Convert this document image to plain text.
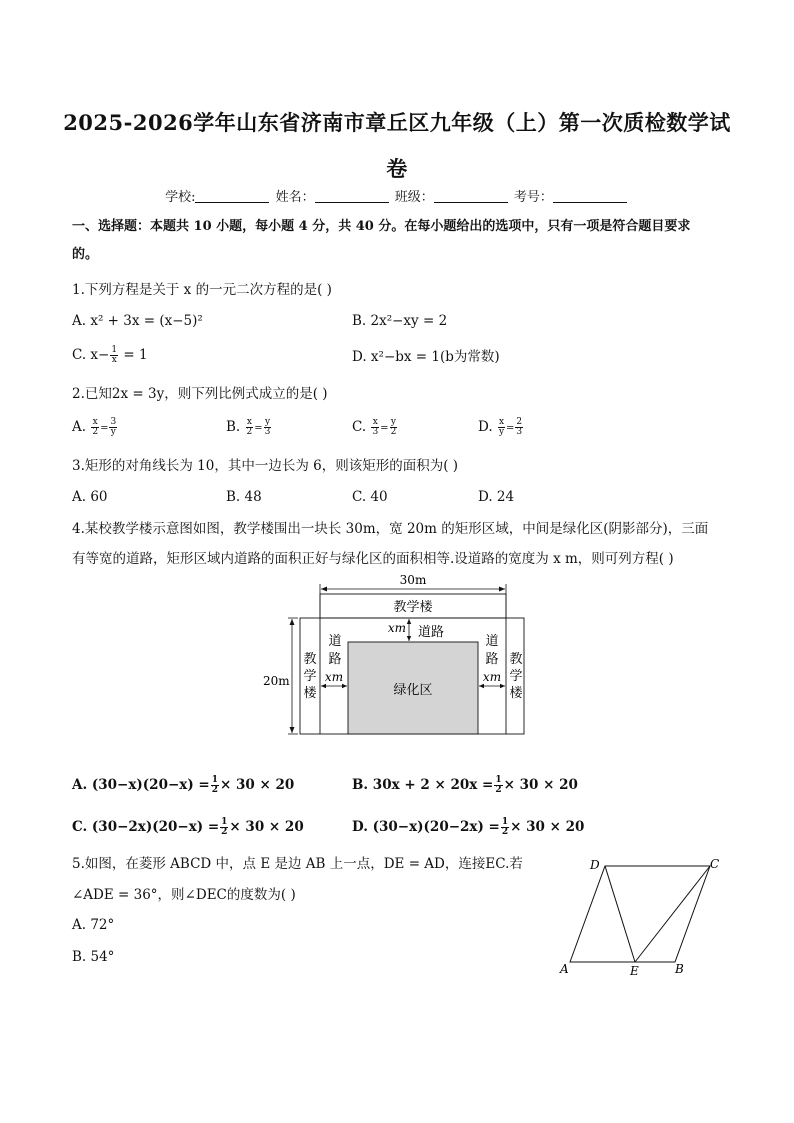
2025-2026学年山东省济南市章丘区九年级（上）第一次质检数学试
卷
学校:	姓名：	班级：	考号：
一、选择题：本题共 10 小题，每小题 4 分，共 40 分。在每小题给出的选项中，只有一项是符合题目要求
的。
1.下列方程是关于 x 的一元二次方程的是( )
A. x² + 3x = (x−5)²	B. 2x²−xy = 2
C. $x- \frac{1}{x} = 1$	D. x²−bx = 1(b为常数)
2.已知2x = 3y，则下列比例式成立的是( )
A. $\frac{x}{2} = \frac{3}{y}$	B. $\frac{x}{2} = \frac{y}{3}$	C. $\frac{x}{3} = \frac{y}{2}$	D. $\frac{x}{y} = \frac{2}{3}$
3.矩形的对角线长为 10，其中一边长为 6，则该矩形的面积为( )
A. 60	B. 48	C. 40	D. 24
4.某校教学楼示意图如图，教学楼围出一块长 30m，宽 20m 的矩形区域，中间是绿化区(阴影部分)，三面
有等宽的道路，矩形区域内道路的面积正好与绿化区的面积相等.设道路的宽度为 x m，则可列方程( )
30m
20m
教学楼
教
学
楼
教
学
楼
绿化区
xm 道路
道
路
xm
道
路
xm
A. $(30-x)(20-x) = \frac{1}{2} \times 30 \times 20$	B. $30x + 2 \times 20x = \frac{1}{2} \times 30 \times 20$
C. $(30-2x)(20-x) = \frac{1}{2} \times 30 \times 20$	D. $(30-x)(20-2x) = \frac{1}{2} \times 30 \times 20$
5.如图，在菱形 ABCD 中，点 E 是边 AB 上一点，DE = AD，连接EC.若
∠ADE = 36°，则∠DEC的度数为( )
A. 72°
B. 54°
A	B
C
D
E
